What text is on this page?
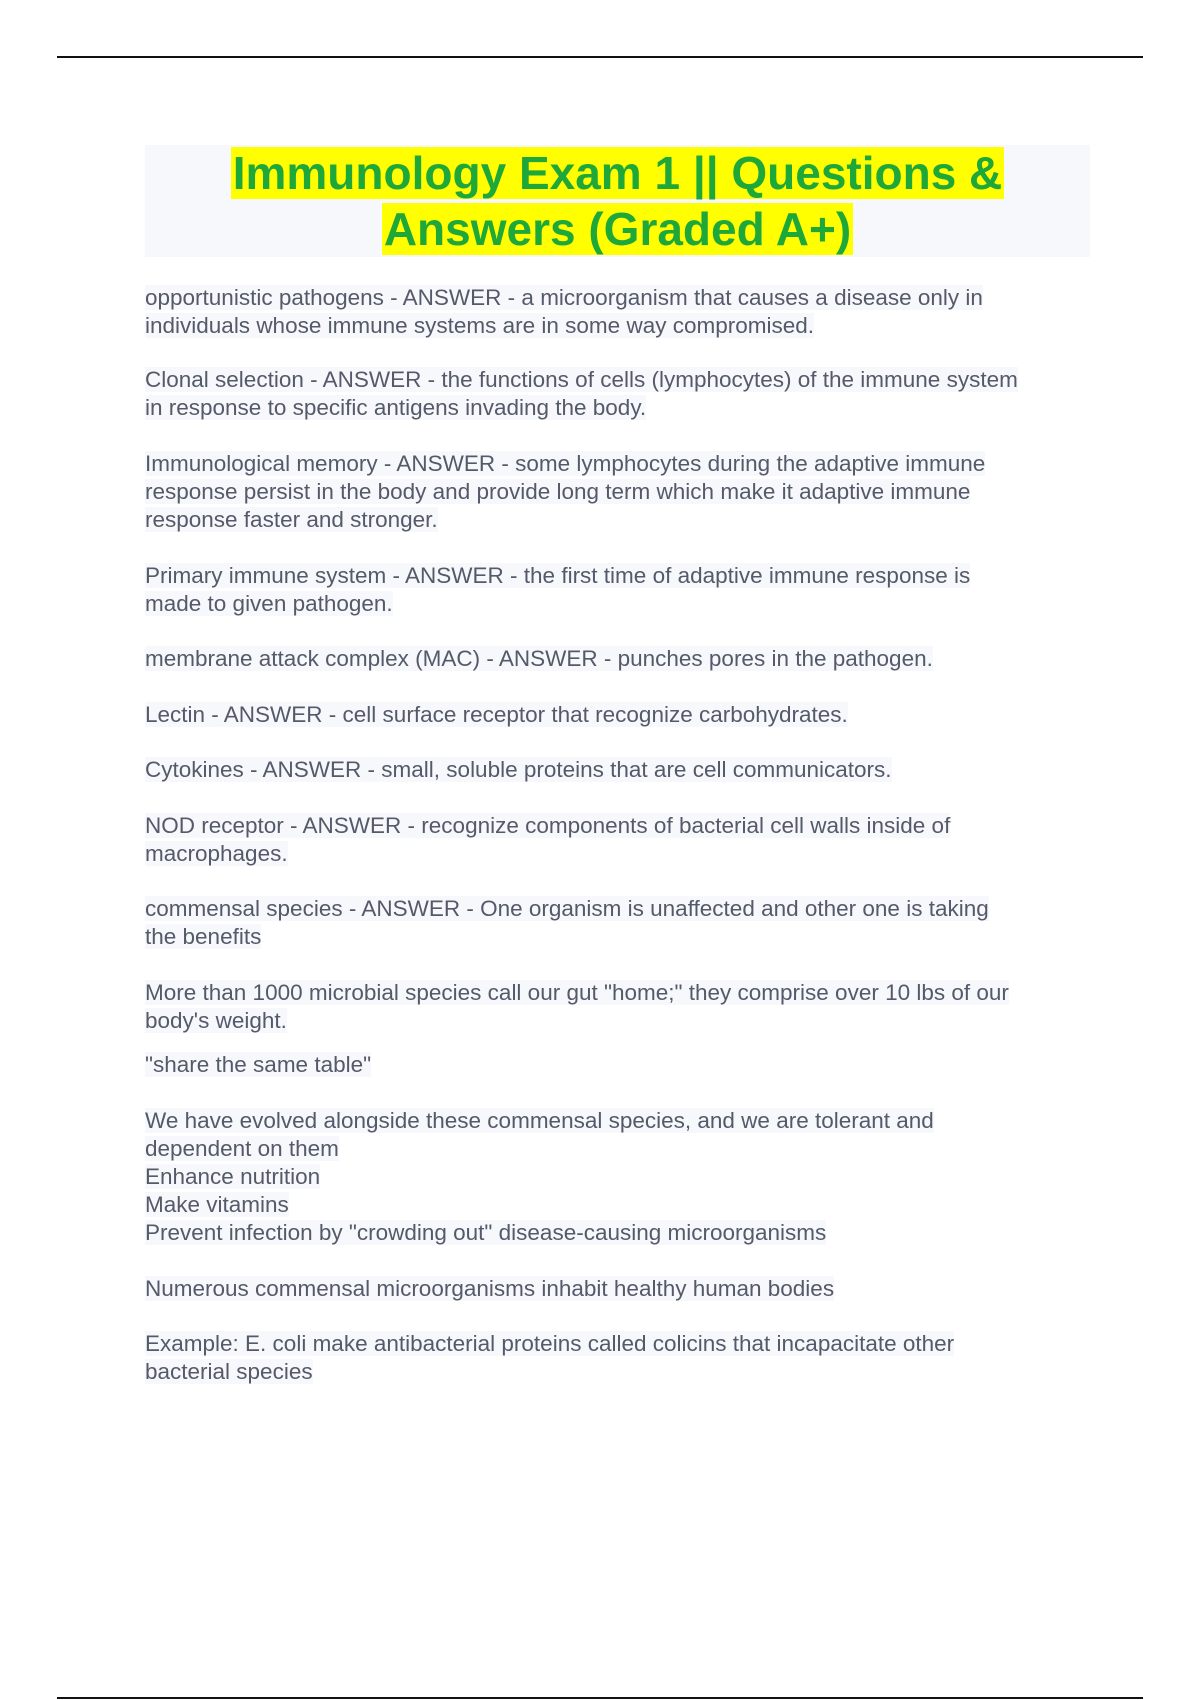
Immunology Exam 1 || Questions &
Answers (Graded A+)

opportunistic pathogens - ANSWER - a microorganism that causes a disease only in
individuals whose immune systems are in some way compromised.

Clonal selection - ANSWER - the functions of cells (lymphocytes) of the immune system
in response to specific antigens invading the body.

Immunological memory - ANSWER - some lymphocytes during the adaptive immune
response persist in the body and provide long term which make it adaptive immune
response faster and stronger.

Primary immune system - ANSWER - the first time of adaptive immune response is
made to given pathogen.

membrane attack complex (MAC) - ANSWER - punches pores in the pathogen.

Lectin - ANSWER - cell surface receptor that recognize carbohydrates.

Cytokines - ANSWER - small, soluble proteins that are cell communicators.

NOD receptor - ANSWER - recognize components of bacterial cell walls inside of
macrophages.

commensal species - ANSWER - One organism is unaffected and other one is taking
the benefits

More than 1000 microbial species call our gut "home;" they comprise over 10 lbs of our
body's weight.

"share the same table"

We have evolved alongside these commensal species, and we are tolerant and
dependent on them
Enhance nutrition
Make vitamins
Prevent infection by "crowding out" disease-causing microorganisms

Numerous commensal microorganisms inhabit healthy human bodies

Example: E. coli make antibacterial proteins called colicins that incapacitate other
bacterial species
